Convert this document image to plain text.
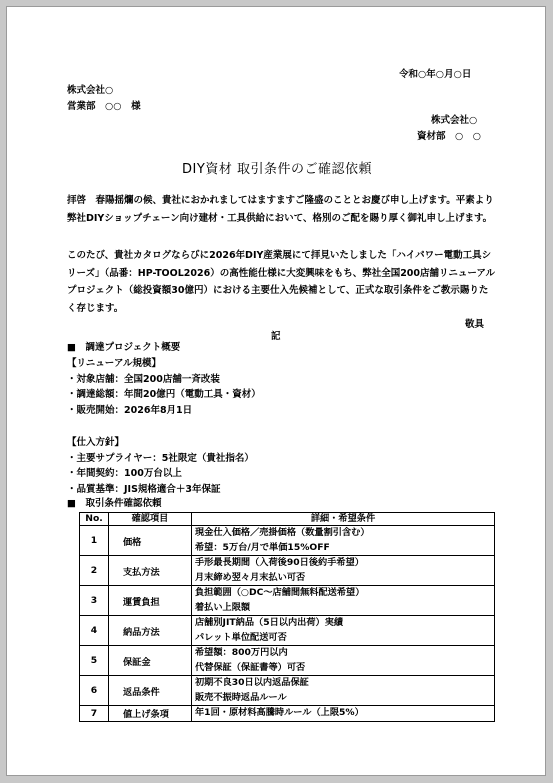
令和○年○月○日
株式会社○
営業部　○○　様
株式会社○
資材部　○　○
DIY資材 取引条件のご確認依頼

拝啓　春陽揺爛の候、貴社におかれましてはますますご隆盛のこととお慶び申し上げます。平素より弊社DIYショップチェーン向け建材・工具供給において、格別のご配を賜り厚く御礼申し上げます。

このたび、貴社カタログならびに2026年DIY産業展にて拝見いたしました「ハイパワー電動工具シリーズ」（品番：HP-TOOL2026）の高性能仕様に大変興味をもち、弊社全国200店舗リニューアルプロジェクト（総投資額30億円）における主要仕入先候補として、正式な取引条件をご教示賜りたく存じます。

敬具
記
■　調達プロジェクト概要
【リニューアル規模】
・対象店舗：全国200店舗一斉改装
・調達総額：年間20億円（電動工具・資材）
・販売開始：2026年8月1日
【仕入方針】
・主要サプライヤー：5社限定（貴社指名）
・年間契約：100万台以上
・品質基準：JIS規格適合＋3年保証
■　取引条件確認依頼
No.	確認項目	詳細・希望条件
1	価格	現金仕入価格／売掛価格（数量割引含む）
希望：5万台/月で単価15%OFF

2	支払方法	手形最長期間（入荷後90日後約手希望）
月末締め翌々月末払い可否

3	運賃負担	負担範囲（○DC～店舗間無料配送希望）
着払い上限額

4	納品方法	店舗別JIT納品（5日以内出荷）実績
パレット単位配送可否

5	保証金	希望額：800万円以内
代替保証（保証書等）可否

6	返品条件	初期不良30日以内返品保証
販売不振時返品ルール

7	値上げ条項	年1回・原材料高騰時ルール（上限5%）
